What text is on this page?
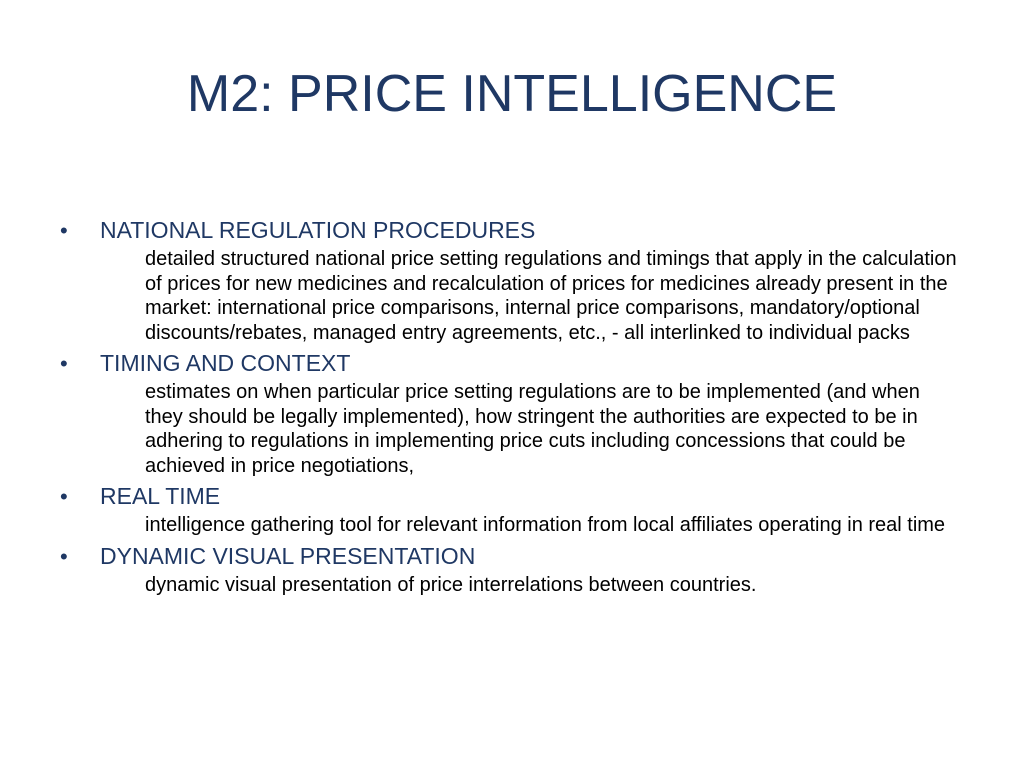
M2: PRICE INTELLIGENCE
•	NATIONAL REGULATION PROCEDURES
detailed structured national price setting regulations and timings that apply in the calculation of prices for new medicines and recalculation of prices for medicines already present in the market: international price comparisons, internal price comparisons, mandatory/optional discounts/rebates, managed entry agreements, etc., - all interlinked to individual packs
•	TIMING AND CONTEXT
estimates on when particular price setting regulations are to be implemented (and when they should be legally implemented), how stringent the authorities are expected to be in adhering to regulations in implementing price cuts including concessions that could be achieved in price negotiations,
•	REAL TIME
intelligence gathering tool for relevant information from local affiliates operating in real time
•	DYNAMIC VISUAL PRESENTATION
dynamic visual presentation of price interrelations between countries.
